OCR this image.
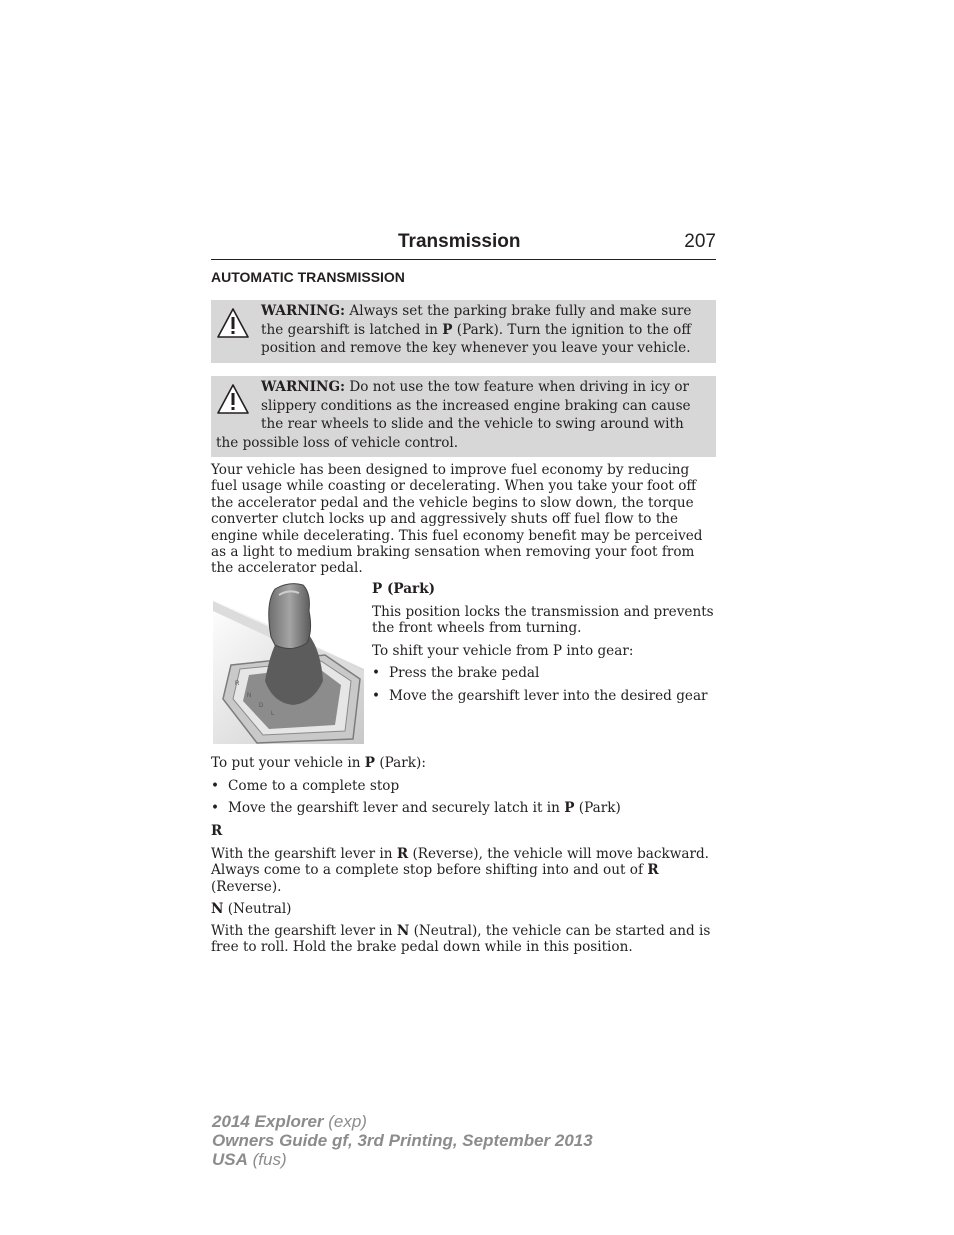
Transmission	207
AUTOMATIC TRANSMISSION
WARNING: Always set the parking brake fully and make sure the gearshift is latched in P (Park). Turn the ignition to the off position and remove the key whenever you leave your vehicle.
WARNING: Do not use the tow feature when driving in icy or slippery conditions as the increased engine braking can cause the rear wheels to slide and the vehicle to swing around with the possible loss of vehicle control.
Your vehicle has been designed to improve fuel economy by reducing fuel usage while coasting or decelerating. When you take your foot off the accelerator pedal and the vehicle begins to slow down, the torque converter clutch locks up and aggressively shuts off fuel flow to the engine while decelerating. This fuel economy benefit may be perceived as a light to medium braking sensation when removing your foot from the accelerator pedal.
R
N
D
L
P (Park)
This position locks the transmission and prevents the front wheels from turning.
To shift your vehicle from P into gear:
• Press the brake pedal
• Move the gearshift lever into the desired gear
To put your vehicle in P (Park):
• Come to a complete stop
• Move the gearshift lever and securely latch it in P (Park)
R
With the gearshift lever in R (Reverse), the vehicle will move backward. Always come to a complete stop before shifting into and out of R (Reverse).
N (Neutral)
With the gearshift lever in N (Neutral), the vehicle can be started and is free to roll. Hold the brake pedal down while in this position.
2014 Explorer (exp)
Owners Guide gf, 3rd Printing, September 2013
USA (fus)
